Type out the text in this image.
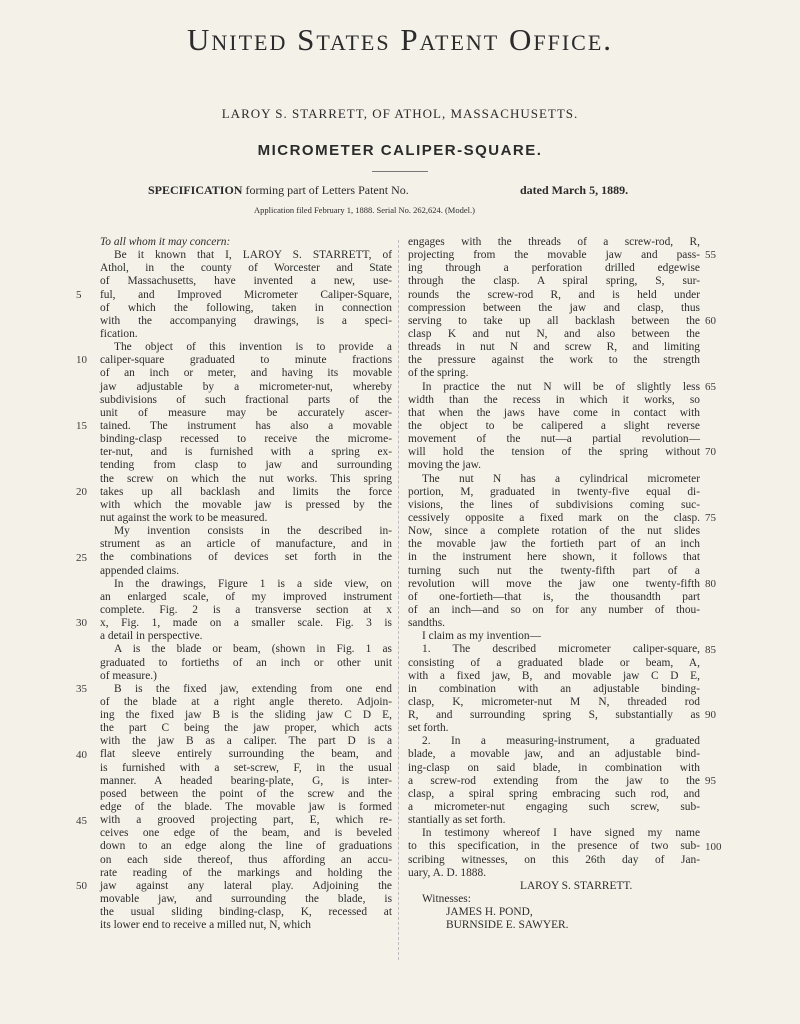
United States Patent Office.
LAROY S. STARRETT, OF ATHOL, MASSACHUSETTS.
MICROMETER CALIPER-SQUARE.
SPECIFICATION forming part of Letters Patent No.	dated March 5, 1889.
Application filed February 1, 1888. Serial No. 262,624. (Model.)
To all whom it may concern:
Be it known that I, LAROY S. STARRETT, of
Athol, in the county of Worcester and State
of Massachusetts, have invented a new, use-
ful, and Improved Micrometer Caliper-Square,
of which the following, taken in connection
with the accompanying drawings, is a speci-
fication.
The object of this invention is to provide a
caliper-square graduated to minute fractions
of an inch or meter, and having its movable
jaw adjustable by a micrometer-nut, whereby
subdivisions of such fractional parts of the
unit of measure may be accurately ascer-
tained. The instrument has also a movable
binding-clasp recessed to receive the microme-
ter-nut, and is furnished with a spring ex-
tending from clasp to jaw and surrounding
the screw on which the nut works. This spring
takes up all backlash and limits the force
with which the movable jaw is pressed by the
nut against the work to be measured.
My invention consists in the described in-
strument as an article of manufacture, and in
the combinations of devices set forth in the
appended claims.
In the drawings, Figure 1 is a side view, on
an enlarged scale, of my improved instrument
complete. Fig. 2 is a transverse section at x
x, Fig. 1, made on a smaller scale. Fig. 3 is
a detail in perspective.
A is the blade or beam, (shown in Fig. 1 as
graduated to fortieths of an inch or other unit
of measure.)
B is the fixed jaw, extending from one end
of the blade at a right angle thereto. Adjoin-
ing the fixed jaw B is the sliding jaw C D E,
the part C being the jaw proper, which acts
with the jaw B as a caliper. The part D is a
flat sleeve entirely surrounding the beam, and
is furnished with a set-screw, F, in the usual
manner. A headed bearing-plate, G, is inter-
posed between the point of the screw and the
edge of the blade. The movable jaw is formed
with a grooved projecting part, E, which re-
ceives one edge of the beam, and is beveled
down to an edge along the line of graduations
on each side thereof, thus affording an accu-
rate reading of the markings and holding the
jaw against any lateral play. Adjoining the
movable jaw, and surrounding the blade, is
the usual sliding binding-clasp, K, recessed at
its lower end to receive a milled nut, N, which
engages with the threads of a screw-rod, R,
projecting from the movable jaw and pass-
ing through a perforation drilled edgewise
through the clasp. A spiral spring, S, sur-
rounds the screw-rod R, and is held under
compression between the jaw and clasp, thus
serving to take up all backlash between the
clasp K and nut N, and also between the
threads in nut N and screw R, and limiting
the pressure against the work to the strength
of the spring.
In practice the nut N will be of slightly less
width than the recess in which it works, so
that when the jaws have come in contact with
the object to be calipered a slight reverse
movement of the nut—a partial revolution—
will hold the tension of the spring without
moving the jaw.
The nut N has a cylindrical micrometer
portion, M, graduated in twenty-five equal di-
visions, the lines of subdivisions coming suc-
cessively opposite a fixed mark on the clasp.
Now, since a complete rotation of the nut slides
the movable jaw the fortieth part of an inch
in the instrument here shown, it follows that
turning such nut the twenty-fifth part of a
revolution will move the jaw one twenty-fifth
of one-fortieth—that is, the thousandth part
of an inch—and so on for any number of thou-
sandths.
I claim as my invention—
1. The described micrometer caliper-square,
consisting of a graduated blade or beam, A,
with a fixed jaw, B, and movable jaw C D E,
in combination with an adjustable binding-
clasp, K, micrometer-nut M N, threaded rod
R, and surrounding spring S, substantially as
set forth.
2. In a measuring-instrument, a graduated
blade, a movable jaw, and an adjustable bind-
ing-clasp on said blade, in combination with
a screw-rod extending from the jaw to the
clasp, a spiral spring embracing such rod, and
a micrometer-nut engaging such screw, sub-
stantially as set forth.
In testimony whereof I have signed my name
to this specification, in the presence of two sub-
scribing witnesses, on this 26th day of Jan-
uary, A. D. 1888.
LAROY S. STARRETT.
Witnesses:
JAMES H. POND,
BURNSIDE E. SAWYER.
5
10
15
20
25
30
35
40
45
50
55
60
65
70
75
80
85
90
95
100
